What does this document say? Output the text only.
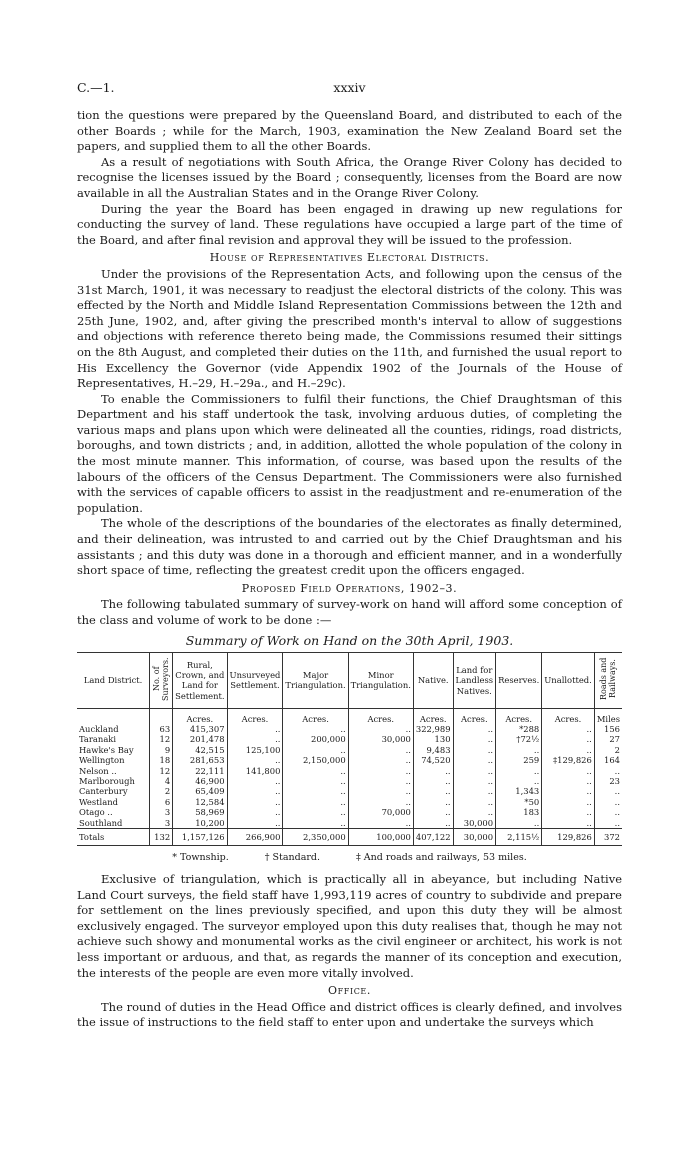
C.—1.	xxxiv

tion the questions were prepared by the Queensland Board, and distributed to each of the other Boards ; while for the March, 1903, examination the New Zealand Board set the papers, and supplied them to all the other Boards.

As a result of negotiations with South Africa, the Orange River Colony has decided to recognise the licenses issued by the Board ; consequently, licenses from the Board are now available in all the Australian States and in the Orange River Colony.

During the year the Board has been engaged in drawing up new regulations for conducting the survey of land. These regulations have occupied a large part of the time of the Board, and after final revision and approval they will be issued to the profession.

House of Representatives Electoral Districts.

Under the provisions of the Representation Acts, and following upon the census of the 31st March, 1901, it was necessary to readjust the electoral districts of the colony. This was effected by the North and Middle Island Representation Commissions between the 12th and 25th June, 1902, and, after giving the prescribed month's interval to allow of suggestions and objections with reference thereto being made, the Commissions resumed their sittings on the 8th August, and completed their duties on the 11th, and furnished the usual report to His Excellency the Governor (vide Appendix 1902 of the Journals of the House of Representatives, H.–29, H.–29a., and H.–29c).

To enable the Commissioners to fulfil their functions, the Chief Draughtsman of this Department and his staff undertook the task, involving arduous duties, of completing the various maps and plans upon which were delineated all the counties, ridings, road districts, boroughs, and town districts ; and, in addition, allotted the whole population of the colony in the most minute manner. This information, of course, was based upon the results of the labours of the officers of the Census Department. The Commissioners were also furnished with the services of capable officers to assist in the readjustment and re-enumeration of the population.

The whole of the descriptions of the boundaries of the electorates as finally determined, and their delineation, was intrusted to and carried out by the Chief Draughtsman and his assistants ; and this duty was done in a thorough and efficient manner, and in a wonderfully short space of time, reflecting the greatest credit upon the officers engaged.

Proposed Field Operations, 1902–3.

The following tabulated summary of survey-work on hand will afford some conception of the class and volume of work to be done :—

Summary of Work on Hand on the 30th April, 1903.
Land District.	No. of Surveyors.	Rural, Crown, and Land for Settlement.	Unsurveyed Settlement.	Major Triangulation.	Minor Triangulation.	Native.	Land for Landless Natives.	Reserves.	Unallotted.	Roads and Railways.
		Acres.	Acres.	Acres.	Acres.	Acres.	Acres.	Acres.	Acres.	Miles
Auckland	63	415,307	..	..	..	322,989	..	*288	..	156
Taranaki	12	201,478	..	200,000	30,000	130	..	†72½	..	27
Hawke's Bay	9	42,515	125,100	..	..	9,483	..	..	..	2
Wellington	18	281,653	..	2,150,000	..	74,520	..	259	‡129,826	164
Nelson ..	12	22,111	141,800	..	..	..	..	..	..	..
Marlborough	4	46,900	..	..	..	..	..	..	..	23
Canterbury	2	65,409	..	..	..	..	..	1,343	..	..
Westland	6	12,584	..	..	..	..	..	*50	..	..
Otago ..	3	58,969	..	..	70,000	..	..	183	..	..
Southland	3	10,200	..	..	..	..	30,000	..	..	..
Totals	132	1,157,126	266,900	2,350,000	100,000	407,122	30,000	2,115½	129,826	372
* Township.	† Standard.	‡ And roads and railways, 53 miles.

Exclusive of triangulation, which is practically all in abeyance, but including Native Land Court surveys, the field staff have 1,993,119 acres of country to subdivide and prepare for settlement on the lines previously specified, and upon this duty they will be almost exclusively engaged. The surveyor employed upon this duty realises that, though he may not achieve such showy and monumental works as the civil engineer or architect, his work is not less important or arduous, and that, as regards the manner of its conception and execution, the interests of the people are even more vitally involved.

Office.

The round of duties in the Head Office and district offices is clearly defined, and involves the issue of instructions to the field staff to enter upon and undertake the surveys which
